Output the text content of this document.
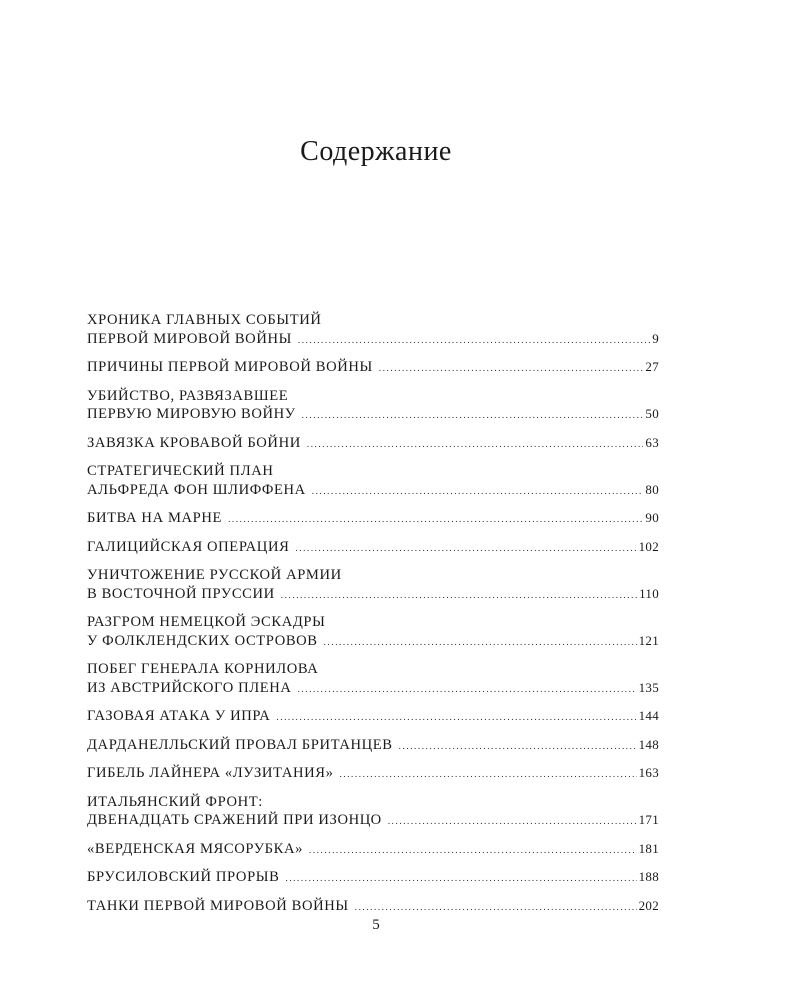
Содержание
ХРОНИКА ГЛАВНЫХ СОБЫТИЙ
ПЕРВОЙ МИРОВОЙ ВОЙНЫ .....	9
ПРИЧИНЫ ПЕРВОЙ МИРОВОЙ ВОЙНЫ .....	27
УБИЙСТВО, РАЗВЯЗАВШЕЕ
ПЕРВУЮ МИРОВУЮ ВОЙНУ .....	50
ЗАВЯЗКА КРОВАВОЙ БОЙНИ .....	63
СТРАТЕГИЧЕСКИЙ ПЛАН
АЛЬФРЕДА ФОН ШЛИФФЕНА .....	80
БИТВА НА МАРНЕ .....	90
ГАЛИЦИЙСКАЯ ОПЕРАЦИЯ .....	102
УНИЧТОЖЕНИЕ РУССКОЙ АРМИИ
В ВОСТОЧНОЙ ПРУССИИ .....	110
РАЗГРОМ НЕМЕЦКОЙ ЭСКАДРЫ
У ФОЛКЛЕНДСКИХ ОСТРОВОВ .....	121
ПОБЕГ ГЕНЕРАЛА КОРНИЛОВА
ИЗ АВСТРИЙСКОГО ПЛЕНА .....	135
ГАЗОВАЯ АТАКА У ИПРА .....	144
ДАРДАНЕЛЛЬСКИЙ ПРОВАЛ БРИТАНЦЕВ .....	148
ГИБЕЛЬ ЛАЙНЕРА «ЛУЗИТАНИЯ» .....	163
ИТАЛЬЯНСКИЙ ФРОНТ:
ДВЕНАДЦАТЬ СРАЖЕНИЙ ПРИ ИЗОНЦО .....	171
«ВЕРДЕНСКАЯ МЯСОРУБКА» .....	181
БРУСИЛОВСКИЙ ПРОРЫВ .....	188
ТАНКИ ПЕРВОЙ МИРОВОЙ ВОЙНЫ .....	202
5
